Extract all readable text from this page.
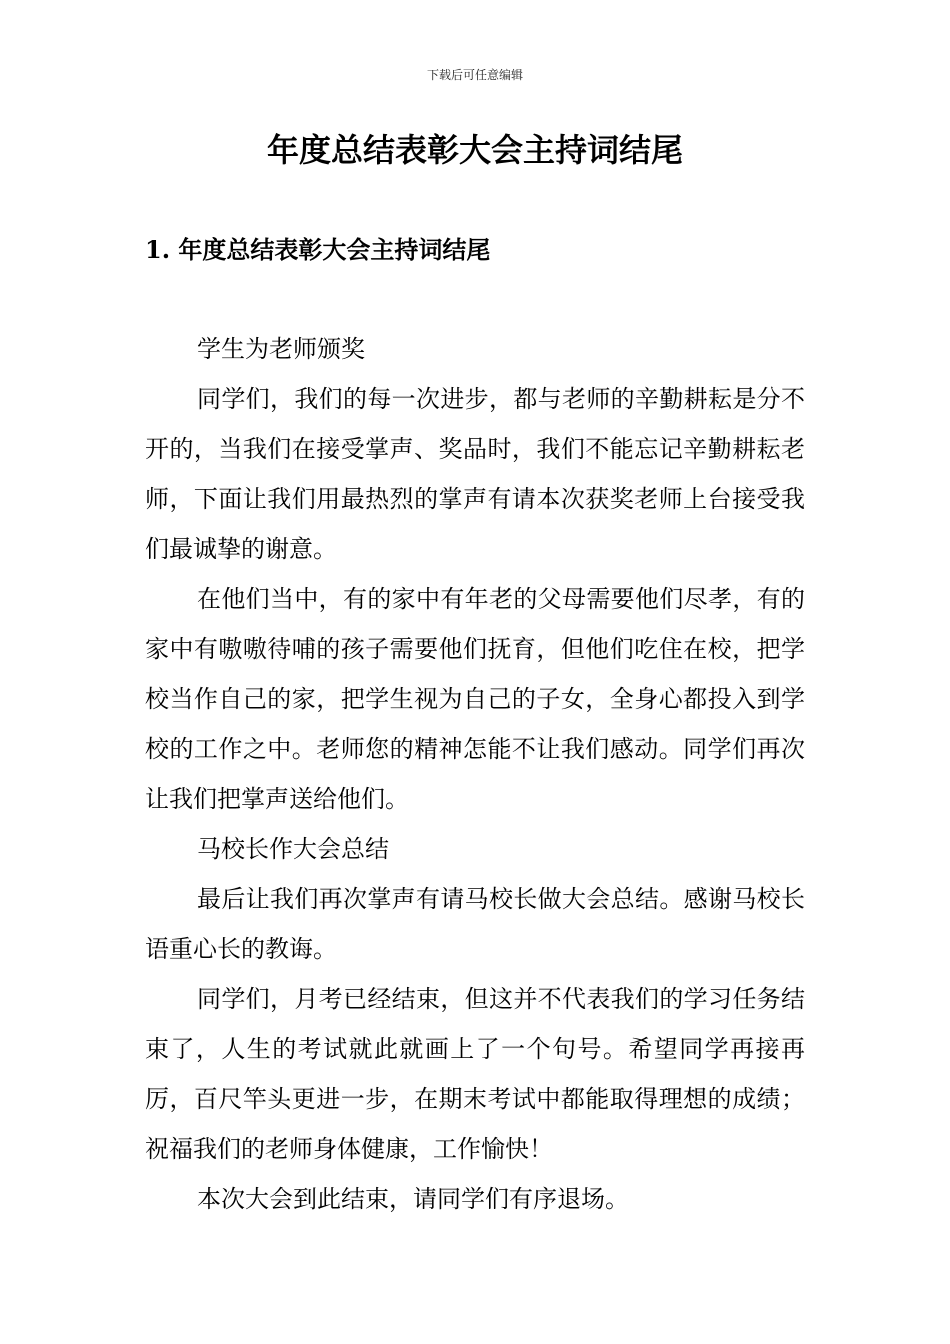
下载后可任意编辑
年度总结表彰大会主持词结尾
1. 年度总结表彰大会主持词结尾

学生为老师颁奖

同学们，我们的每一次进步，都与老师的辛勤耕耘是分不开的，当我们在接受掌声、奖品时，我们不能忘记辛勤耕耘老师，下面让我们用最热烈的掌声有请本次获奖老师上台接受我们最诚挚的谢意。

在他们当中，有的家中有年老的父母需要他们尽孝，有的家中有嗷嗷待哺的孩子需要他们抚育，但他们吃住在校，把学校当作自己的家，把学生视为自己的子女，全身心都投入到学校的工作之中。老师您的精神怎能不让我们感动。同学们再次让我们把掌声送给他们。

马校长作大会总结

最后让我们再次掌声有请马校长做大会总结。感谢马校长语重心长的教诲。

同学们，月考已经结束，但这并不代表我们的学习任务结束了，人生的考试就此就画上了一个句号。希望同学再接再厉，百尺竿头更进一步，在期末考试中都能取得理想的成绩；祝福我们的老师身体健康，工作愉快！

本次大会到此结束，请同学们有序退场。
